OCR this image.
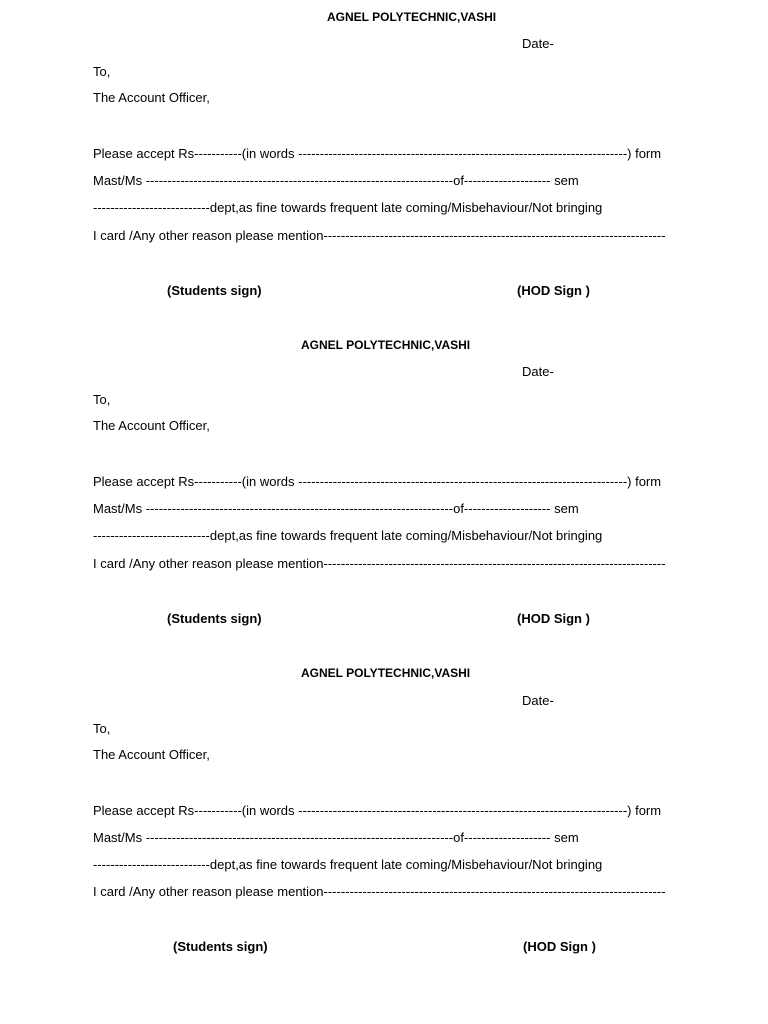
AGNEL POLYTECHNIC,VASHI
Date-
To,
The Account Officer,
Please accept Rs-----------(in words ----------------------------------------------------------------------------) form
Mast/Ms -----------------------------------------------------------------------of-------------------- sem
---------------------------dept,as fine towards frequent late coming/Misbehaviour/Not bringing
I card /Any other reason please mention-------------------------------------------------------------------------------
(Students sign)	(HOD Sign )
AGNEL POLYTECHNIC,VASHI
Date-
To,
The Account Officer,
Please accept Rs-----------(in words ----------------------------------------------------------------------------) form
Mast/Ms -----------------------------------------------------------------------of-------------------- sem
---------------------------dept,as fine towards frequent late coming/Misbehaviour/Not bringing
I card /Any other reason please mention-------------------------------------------------------------------------------
(Students sign)	(HOD Sign )
AGNEL POLYTECHNIC,VASHI
Date-
To,
The Account Officer,
Please accept Rs-----------(in words ----------------------------------------------------------------------------) form
Mast/Ms -----------------------------------------------------------------------of-------------------- sem
---------------------------dept,as fine towards frequent late coming/Misbehaviour/Not bringing
I card /Any other reason please mention-------------------------------------------------------------------------------
(Students sign)	(HOD Sign )
